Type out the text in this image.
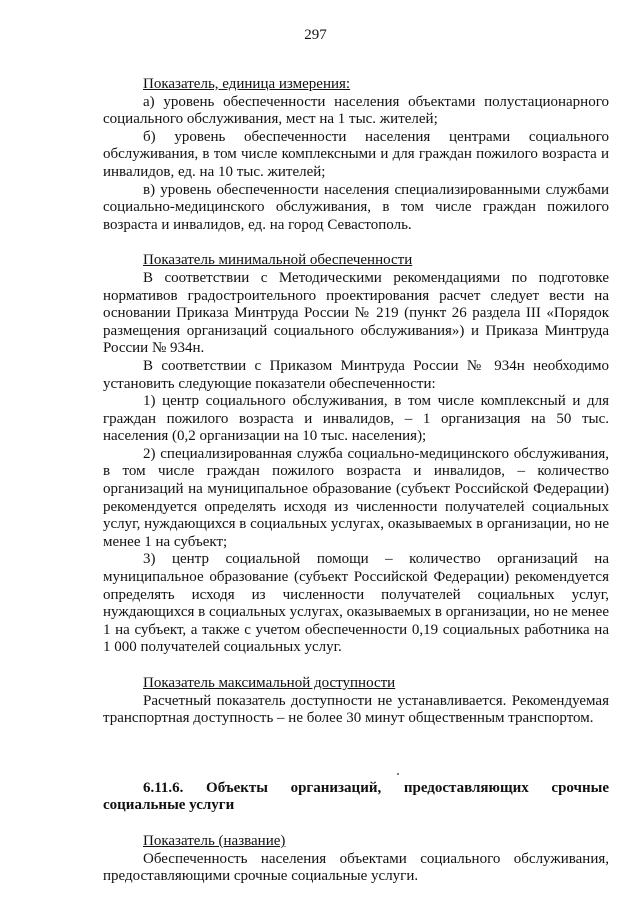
297

Показатель, единица измерения:

а) уровень обеспеченности населения объектами полустационарного социального обслуживания, мест на 1 тыс. жителей;

б) уровень обеспеченности населения центрами социального обслуживания, в том числе комплексными и для граждан пожилого возраста и инвалидов, ед. на 10 тыс. жителей;

в) уровень обеспеченности населения специализированными службами социально-медицинского обслуживания, в том числе граждан пожилого возраста и инвалидов, ед. на город Севастополь.

Показатель минимальной обеспеченности

В соответствии с Методическими рекомендациями по подготовке нормативов градостроительного проектирования расчет следует вести на основании Приказа Минтруда России № 219 (пункт 26 раздела III «Порядок размещения организаций социального обслуживания») и Приказа Минтруда России № 934н.

В соответствии с Приказом Минтруда России № 934н необходимо установить следующие показатели обеспеченности:

1) центр социального обслуживания, в том числе комплексный и для граждан пожилого возраста и инвалидов, – 1 организация на 50 тыс. населения (0,2 организации на 10 тыс. населения);

2) специализированная служба социально-медицинского обслуживания, в том числе граждан пожилого возраста и инвалидов, – количество организаций на муниципальное образование (субъект Российской Федерации) рекомендуется определять исходя из численности получателей социальных услуг, нуждающихся в социальных услугах, оказываемых в организации, но не менее 1 на субъект;

3) центр социальной помощи – количество организаций на муниципальное образование (субъект Российской Федерации) рекомендуется определять исходя из численности получателей социальных услуг, нуждающихся в социальных услугах, оказываемых в организации, но не менее 1 на субъект, а также с учетом обеспеченности 0,19 социальных работника на 1 000 получателей социальных услуг.

Показатель максимальной доступности

Расчетный показатель доступности не устанавливается. Рекомендуемая транспортная доступность – не более 30 минут общественным транспортом.

6.11.6. Объекты организаций, предоставляющих срочные социальные услуги

Показатель (название)

Обеспеченность населения объектами социального обслуживания, предоставляющими срочные социальные услуги.
